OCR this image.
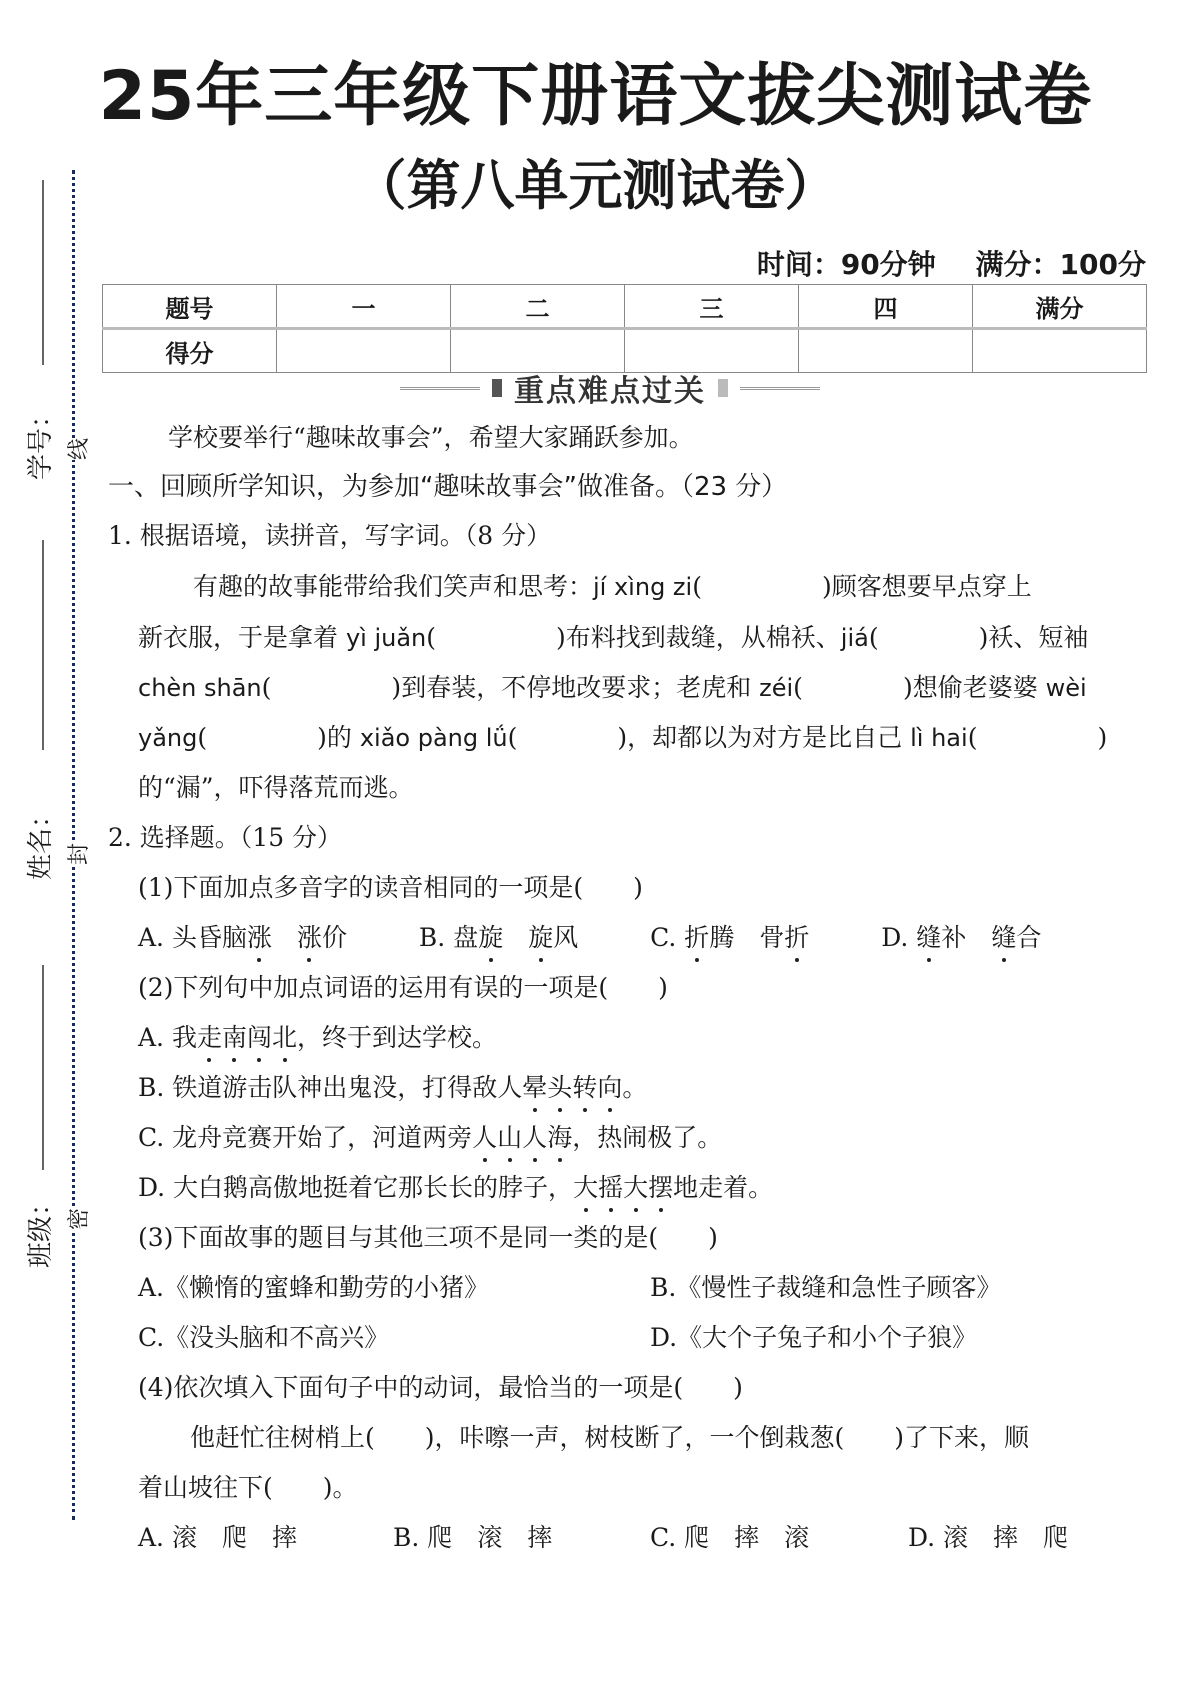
学号： 线
姓名： 封
班级： 密
25年三年级下册语文拔尖测试卷
（第八单元测试卷）
时间：90分钟 满分：100分
题号	一	二	三	四	满分
得分					
重点难点过关
学校要举行“趣味故事会”，希望大家踊跃参加。
一、回顾所学知识，为参加“趣味故事会”做准备。（23 分）
1. 根据语境，读拼音，写字词。（8 分）
有趣的故事能带给我们笑声和思考：jí xìng zi(	)顾客想要早点穿上
新衣服，于是拿着 yì juǎn(	)布料找到裁缝，从棉袄、jiá(	)袄、短袖
chèn shān(	)到春装，不停地改要求；老虎和 zéi(	)想偷老婆婆 wèi
yǎng(	)的 xiǎo pàng lǘ(	)，却都以为对方是比自己 lì hai(	)
的“漏”，吓得落荒而逃。
2. 选择题。（15 分）
(1)下面加点多音字的读音相同的一项是(　　)
A. 头昏脑涨　 涨价	B. 盘旋　 旋风	C. 折腾　骨折	D. 缝补　缝合
(2)下列句中加点词语的运用有误的一项是(　　)
A. 我走南闯北，终于到达学校。
B. 铁道游击队神出鬼没，打得敌人晕头转向。
C. 龙舟竞赛开始了，河道两旁人山人海，热闹极了。
D. 大白鹅高傲地挺着它那长长的脖子，大摇大摆地走着。
(3)下面故事的题目与其他三项不是同一类的是(　　)
A.《懒惰的蜜蜂和勤劳的小猪》	B.《慢性子裁缝和急性子顾客》
C.《没头脑和不高兴》	D.《大个子兔子和小个子狼》
(4)依次填入下面句子中的动词，最恰当的一项是(　　)
他赶忙往树梢上(　　)，咔嚓一声，树枝断了，一个倒栽葱(　　)了下来，顺
着山坡往下(　　)。
A. 滚　爬　摔	B. 爬　滚　摔	C. 爬　摔　滚	D. 滚　摔　爬
